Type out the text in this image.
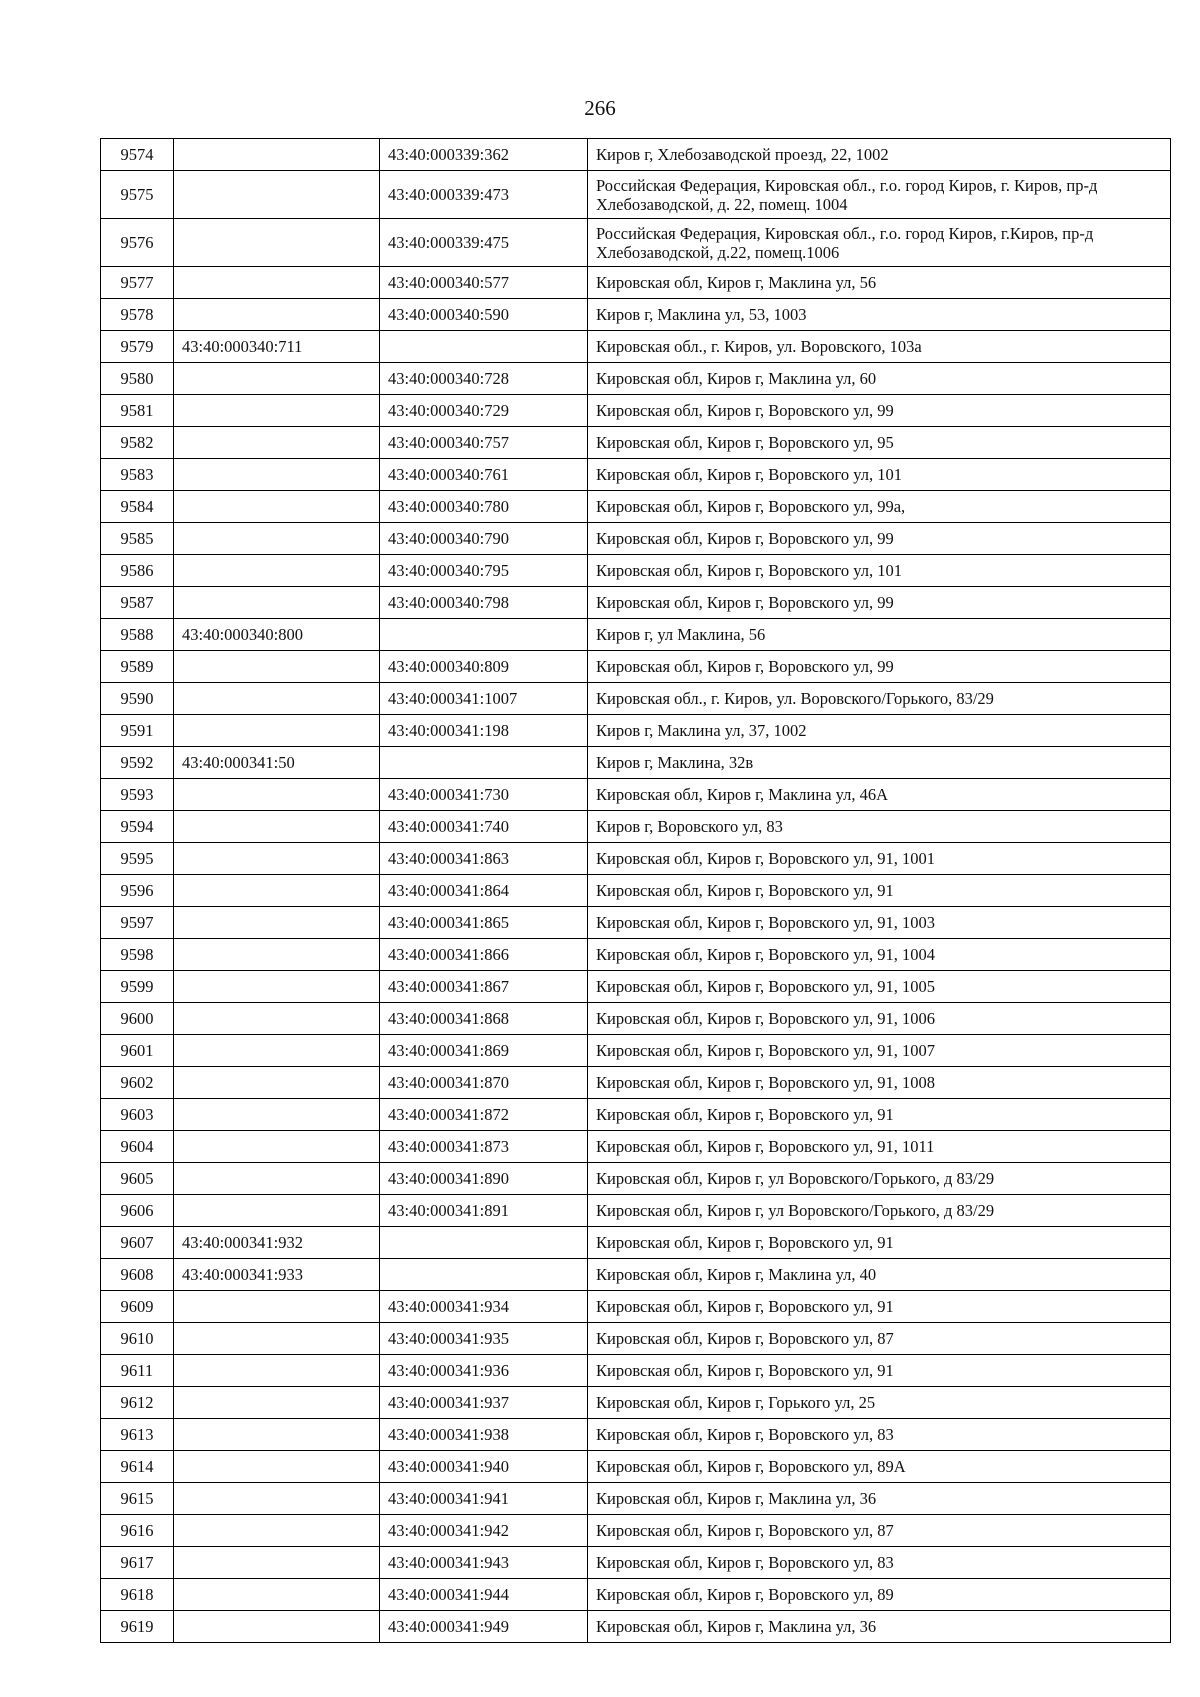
266
9574		43:40:000339:362	Киров г, Хлебозаводской проезд, 22, 1002
9575		43:40:000339:473	Российская Федерация, Кировская обл., г.о. город Киров, г. Киров, пр-д Хлебозаводской, д. 22, помещ. 1004
9576		43:40:000339:475	Российская Федерация, Кировская обл., г.о. город Киров, г.Киров, пр-д Хлебозаводской, д.22, помещ.1006
9577		43:40:000340:577	Кировская обл, Киров г, Маклина ул, 56
9578		43:40:000340:590	Киров г, Маклина ул, 53, 1003
9579	43:40:000340:711		Кировская обл., г. Киров, ул. Воровского, 103а
9580		43:40:000340:728	Кировская обл, Киров г, Маклина ул, 60
9581		43:40:000340:729	Кировская обл, Киров г, Воровского ул, 99
9582		43:40:000340:757	Кировская обл, Киров г, Воровского ул, 95
9583		43:40:000340:761	Кировская обл, Киров г, Воровского ул, 101
9584		43:40:000340:780	Кировская обл, Киров г, Воровского ул, 99а,
9585		43:40:000340:790	Кировская обл, Киров г, Воровского ул, 99
9586		43:40:000340:795	Кировская обл, Киров г, Воровского ул, 101
9587		43:40:000340:798	Кировская обл, Киров г, Воровского ул, 99
9588	43:40:000340:800		Киров г, ул Маклина, 56
9589		43:40:000340:809	Кировская обл, Киров г, Воровского ул, 99
9590		43:40:000341:1007	Кировская обл., г. Киров, ул. Воровского/Горького, 83/29
9591		43:40:000341:198	Киров г, Маклина ул, 37, 1002
9592	43:40:000341:50		Киров г, Маклина, 32в
9593		43:40:000341:730	Кировская обл, Киров г, Маклина ул, 46А
9594		43:40:000341:740	Киров г, Воровского ул, 83
9595		43:40:000341:863	Кировская обл, Киров г, Воровского ул, 91, 1001
9596		43:40:000341:864	Кировская обл, Киров г, Воровского ул, 91
9597		43:40:000341:865	Кировская обл, Киров г, Воровского ул, 91, 1003
9598		43:40:000341:866	Кировская обл, Киров г, Воровского ул, 91, 1004
9599		43:40:000341:867	Кировская обл, Киров г, Воровского ул, 91, 1005
9600		43:40:000341:868	Кировская обл, Киров г, Воровского ул, 91, 1006
9601		43:40:000341:869	Кировская обл, Киров г, Воровского ул, 91, 1007
9602		43:40:000341:870	Кировская обл, Киров г, Воровского ул, 91, 1008
9603		43:40:000341:872	Кировская обл, Киров г, Воровского ул, 91
9604		43:40:000341:873	Кировская обл, Киров г, Воровского ул, 91, 1011
9605		43:40:000341:890	Кировская обл, Киров г, ул Воровского/Горького, д 83/29
9606		43:40:000341:891	Кировская обл, Киров г, ул Воровского/Горького, д 83/29
9607	43:40:000341:932		Кировская обл, Киров г, Воровского ул, 91
9608	43:40:000341:933		Кировская обл, Киров г, Маклина ул, 40
9609		43:40:000341:934	Кировская обл, Киров г, Воровского ул, 91
9610		43:40:000341:935	Кировская обл, Киров г, Воровского ул, 87
9611		43:40:000341:936	Кировская обл, Киров г, Воровского ул, 91
9612		43:40:000341:937	Кировская обл, Киров г, Горького ул, 25
9613		43:40:000341:938	Кировская обл, Киров г, Воровского ул, 83
9614		43:40:000341:940	Кировская обл, Киров г, Воровского ул, 89А
9615		43:40:000341:941	Кировская обл, Киров г, Маклина ул, 36
9616		43:40:000341:942	Кировская обл, Киров г, Воровского ул, 87
9617		43:40:000341:943	Кировская обл, Киров г, Воровского ул, 83
9618		43:40:000341:944	Кировская обл, Киров г, Воровского ул, 89
9619		43:40:000341:949	Кировская обл, Киров г, Маклина ул, 36
